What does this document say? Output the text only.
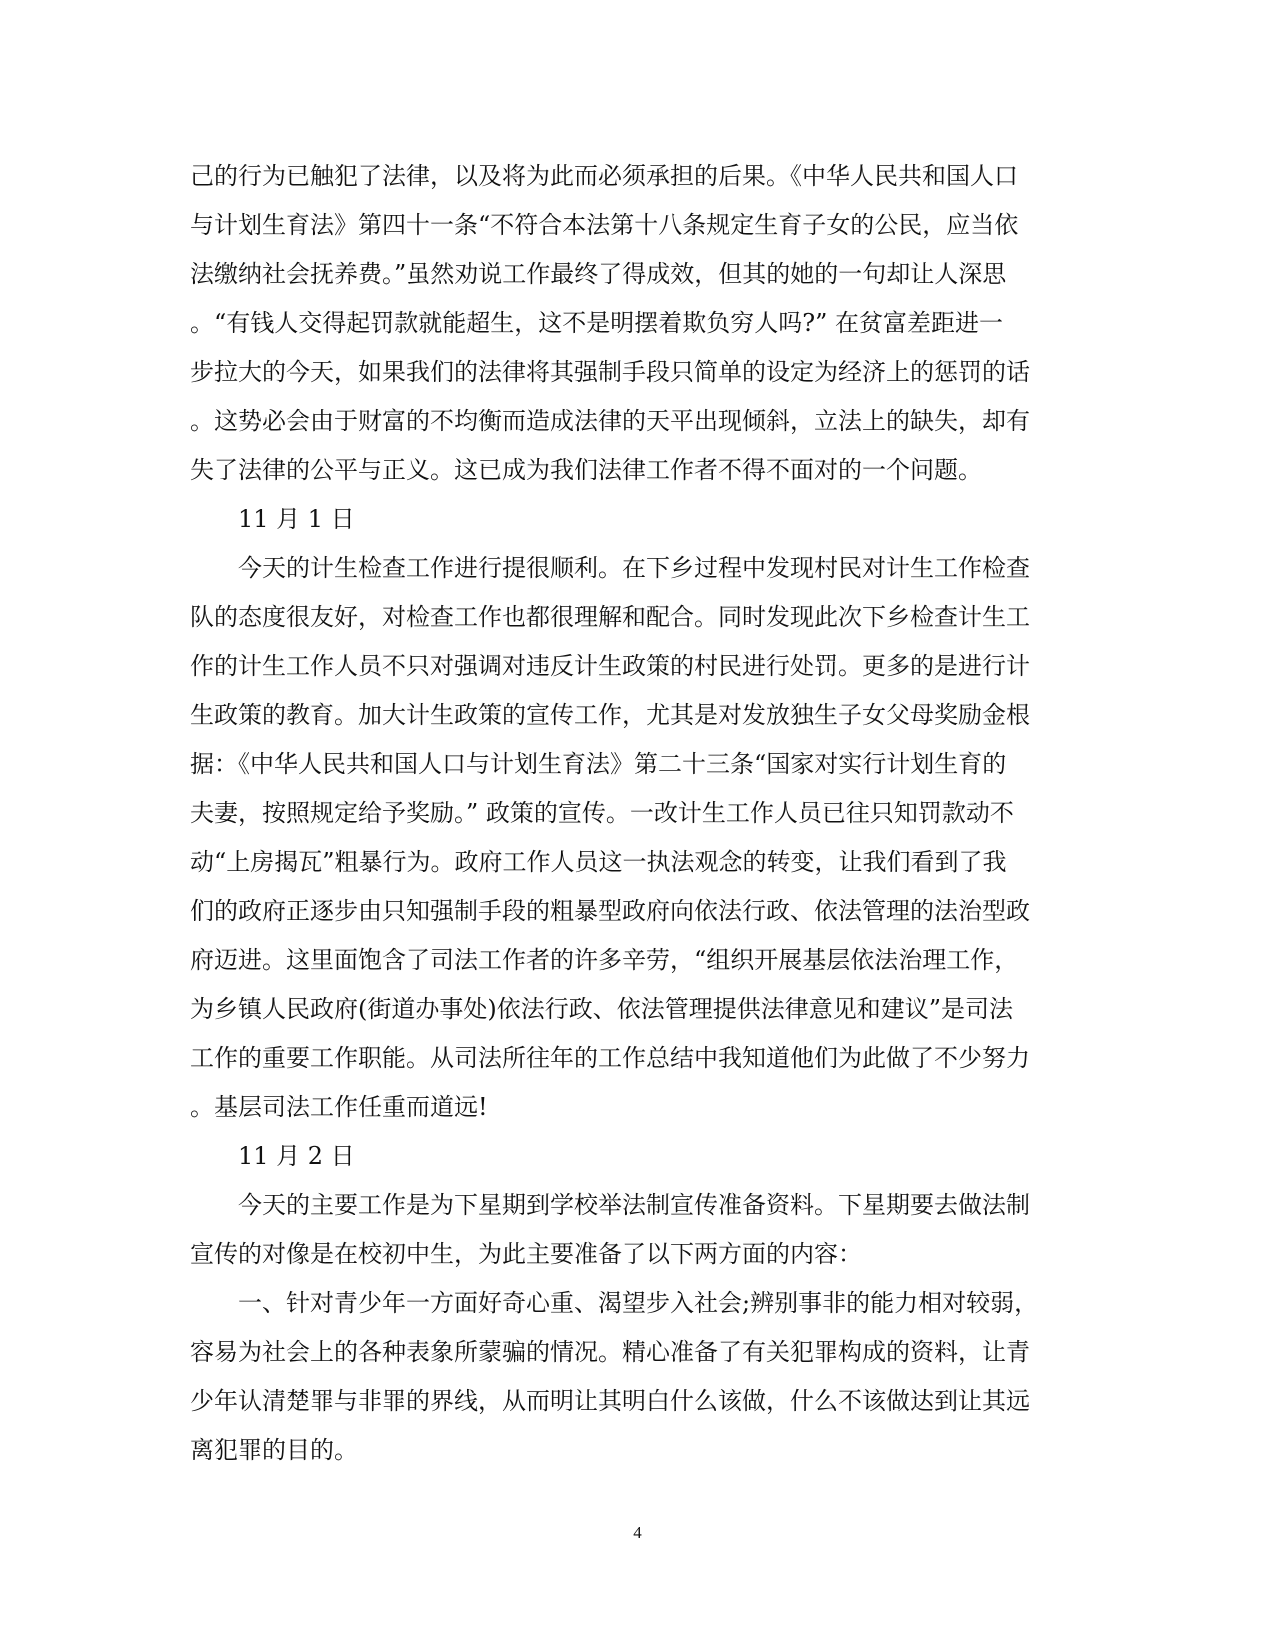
己的行为已触犯了法律，以及将为此而必须承担的后果。《中华人民共和国人口
与计划生育法》第四十一条“不符合本法第十八条规定生育子女的公民，应当依
法缴纳社会抚养费。”虽然劝说工作最终了得成效，但其的她的一句却让人深思
。“有钱人交得起罚款就能超生，这不是明摆着欺负穷人吗?” 在贫富差距进一
步拉大的今天，如果我们的法律将其强制手段只简单的设定为经济上的惩罚的话
。这势必会由于财富的不均衡而造成法律的天平出现倾斜，立法上的缺失，却有
失了法律的公平与正义。这已成为我们法律工作者不得不面对的一个问题。
11 月 1 日
今天的计生检查工作进行提很顺利。在下乡过程中发现村民对计生工作检查
队的态度很友好，对检查工作也都很理解和配合。同时发现此次下乡检查计生工
作的计生工作人员不只对强调对违反计生政策的村民进行处罚。更多的是进行计
生政策的教育。加大计生政策的宣传工作，尤其是对发放独生子女父母奖励金根
据：《中华人民共和国人口与计划生育法》第二十三条“国家对实行计划生育的
夫妻，按照规定给予奖励。” 政策的宣传。一改计生工作人员已往只知罚款动不
动“上房揭瓦”粗暴行为。政府工作人员这一执法观念的转变，让我们看到了我
们的政府正逐步由只知强制手段的粗暴型政府向依法行政、依法管理的法治型政
府迈进。这里面饱含了司法工作者的许多辛劳，“组织开展基层依法治理工作，
为乡镇人民政府(街道办事处)依法行政、依法管理提供法律意见和建议”是司法
工作的重要工作职能。从司法所往年的工作总结中我知道他们为此做了不少努力
。基层司法工作任重而道远!
11 月 2 日
今天的主要工作是为下星期到学校举法制宣传准备资料。下星期要去做法制
宣传的对像是在校初中生，为此主要准备了以下两方面的内容：
一、针对青少年一方面好奇心重、渴望步入社会;辨别事非的能力相对较弱，
容易为社会上的各种表象所蒙骗的情况。精心准备了有关犯罪构成的资料，让青
少年认清楚罪与非罪的界线，从而明让其明白什么该做，什么不该做达到让其远
离犯罪的目的。
4
